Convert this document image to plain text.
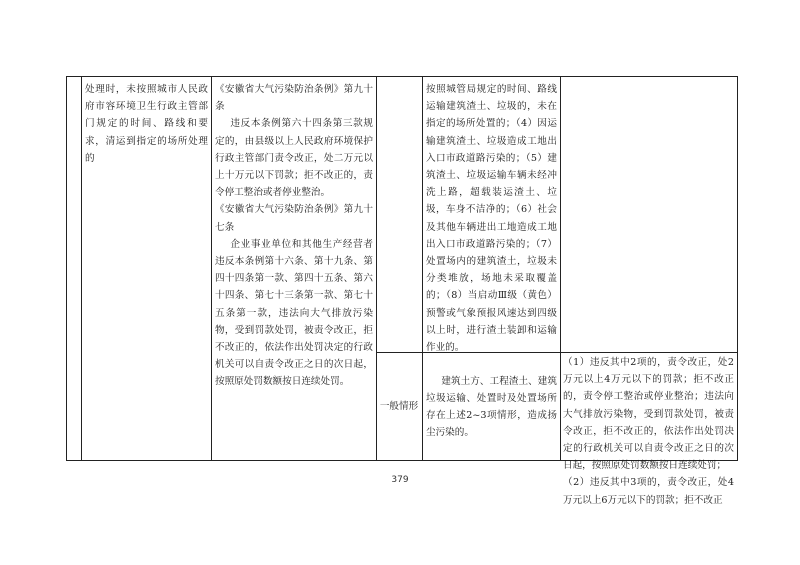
处理时，未按照城市人民政府市容环境卫生行政主管部门规定的时间、路线和要求，清运到指定的场所处理的

《安徽省大气污染防治条例》第九十条

违反本条例第六十四条第三款规定的，由县级以上人民政府环境保护行政主管部门责令改正，处二万元以上十万元以下罚款；拒不改正的，责令停工整治或者停业整治。

《安徽省大气污染防治条例》第九十七条

企业事业单位和其他生产经营者违反本条例第十六条、第十九条、第四十四条第一款、第四十五条、第六十四条、第七十三条第一款、第七十五条第一款，违法向大气排放污染物，受到罚款处罚，被责令改正，拒不改正的，依法作出处罚决定的行政机关可以自责令改正之日的次日起，按照原处罚数额按日连续处罚。

按照城管局规定的时间、路线运输建筑渣土、垃圾的，未在指定的场所处置的；（4）因运输建筑渣土、垃圾造成工地出入口市政道路污染的；（5）建筑渣土、垃圾运输车辆未经冲洗上路，超载装运渣土、垃圾，车身不洁净的；（6）社会及其他车辆进出工地造成工地出入口市政道路污染的；（7）处置场内的建筑渣土，垃圾未分类堆放，场地未采取覆盖的；（8）当启动Ⅲ级（黄色）预警或气象预报风速达到四级以上时，进行渣土装卸和运输作业的。
一般情形
建筑土方、工程渣土、建筑垃圾运输、处置时及处置场所存在上述2~3项情形，造成扬尘污染的。

（1）违反其中2项的，责令改正，处2万元以上4万元以下的罚款；拒不改正的，责令停工整治或停业整治；违法向大气排放污染物，受到罚款处罚，被责令改正，拒不改正的，依法作出处罚决定的行政机关可以自责令改正之日的次日起，按照原处罚数额按日连续处罚；

（2）违反其中3项的，责令改正，处4万元以上6万元以下的罚款；拒不改正

379
